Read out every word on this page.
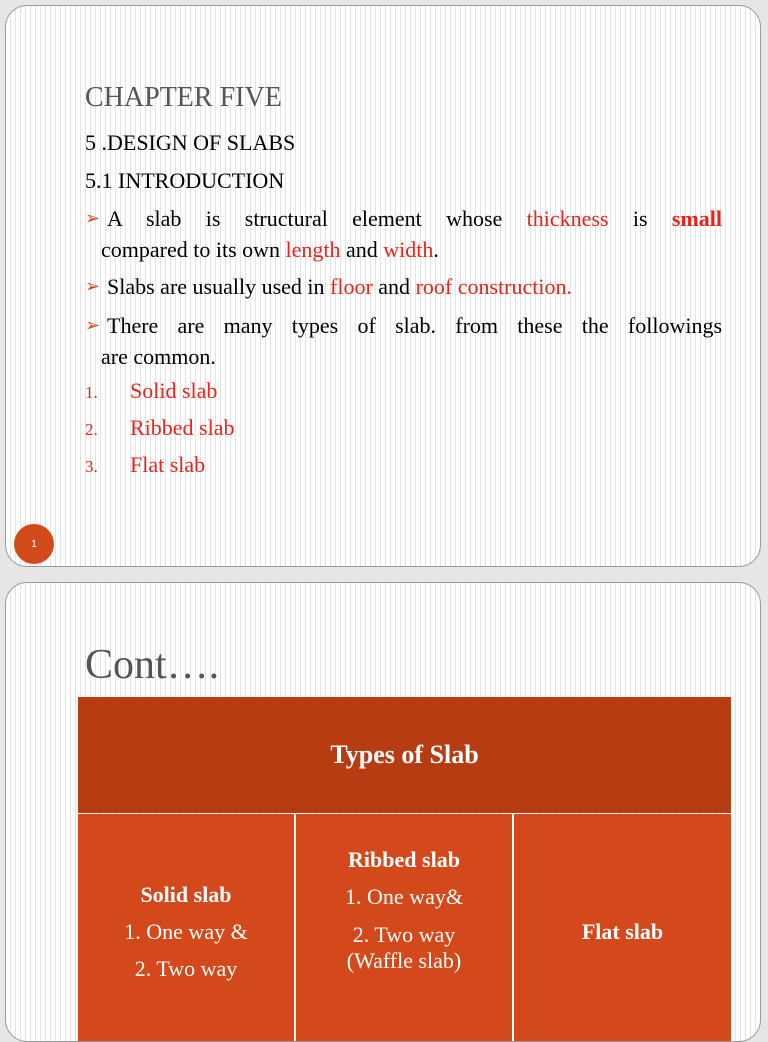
CHAPTER FIVE
5 .DESIGN OF SLABS
5.1 INTRODUCTION
➢ A slab is structural element whose thickness is small
compared to its own length and width.
➢ Slabs are usually used in floor and roof construction.
➢ There are many types of slab. from these the followings
are common.
1. Solid slab
2. Ribbed slab
3. Flat slab
1
Cont….
Types of Slab
Solid slab
1. One way &
2. Two way
Ribbed slab
1. One way&
2. Two way
(Waffle slab)
Flat slab
